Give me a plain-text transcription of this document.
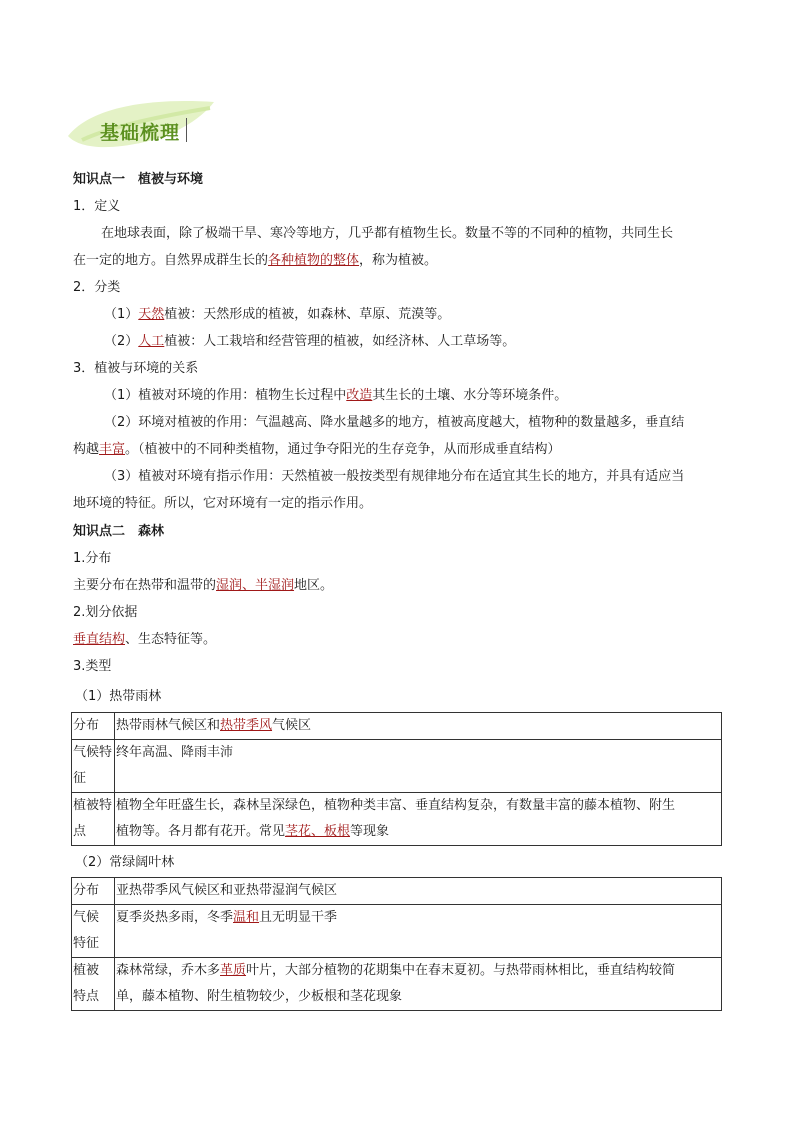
基础梳理
知识点一　植被与环境
1．定义
在地球表面，除了极端干旱、寒冷等地方，几乎都有植物生长。数量不等的不同种的植物，共同生长
在一定的地方。自然界成群生长的各种植物的整体，称为植被。
2．分类
（1）天然植被：天然形成的植被，如森林、草原、荒漠等。
（2）人工植被：人工栽培和经营管理的植被，如经济林、人工草场等。
3．植被与环境的关系
（1）植被对环境的作用：植物生长过程中改造其生长的土壤、水分等环境条件。
（2）环境对植被的作用：气温越高、降水量越多的地方，植被高度越大，植物种的数量越多，垂直结
构越丰富。（植被中的不同种类植物，通过争夺阳光的生存竞争，从而形成垂直结构）
（3）植被对环境有指示作用：天然植被一般按类型有规律地分布在适宜其生长的地方，并具有适应当
地环境的特征。所以，它对环境有一定的指示作用。
知识点二　森林
1.分布
主要分布在热带和温带的湿润、半湿润地区。
2.划分依据
垂直结构、生态特征等。
3.类型
（1）热带雨林
分布	热带雨林气候区和热带季风气候区
气候特
征	终年高温、降雨丰沛
植被特
点	植物全年旺盛生长，森林呈深绿色，植物种类丰富、垂直结构复杂，有数量丰富的藤本植物、附生
植物等。各月都有花开。常见茎花、板根等现象
（2）常绿阔叶林
分布	亚热带季风气候区和亚热带湿润气候区
气候
特征	夏季炎热多雨，冬季温和且无明显干季
植被
特点	森林常绿，乔木多革质叶片，大部分植物的花期集中在春末夏初。与热带雨林相比，垂直结构较简
单，藤本植物、附生植物较少，少板根和茎花现象
